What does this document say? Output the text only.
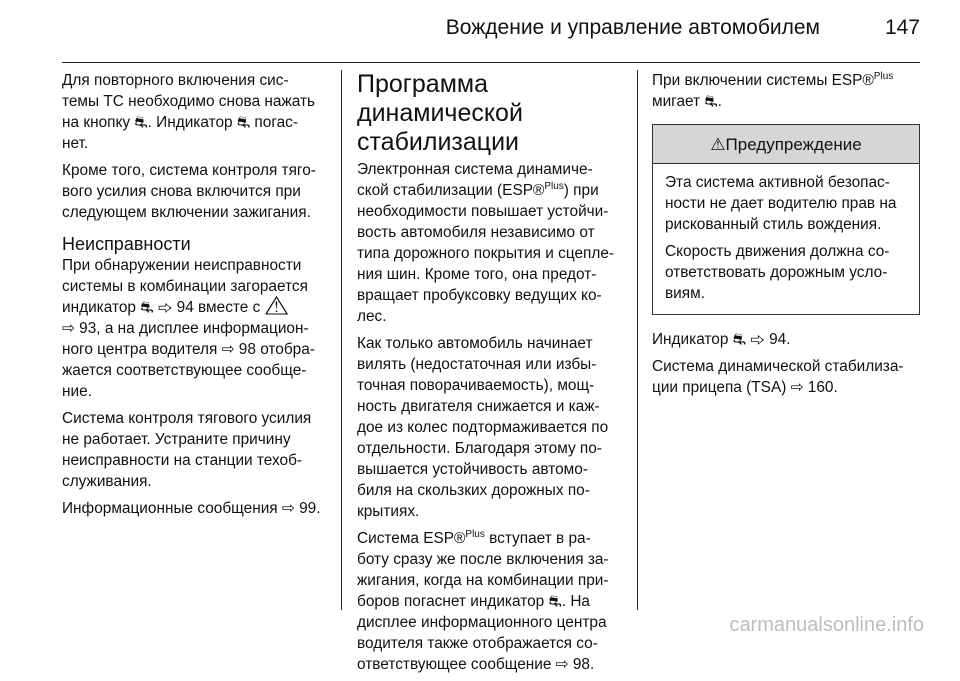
Вождение и управление автомобилем	147

Для повторного включения сис-
темы ТС необходимо снова нажать
на кнопку ⛐. Индикатор ⛐ погас-
нет.

Кроме того, система контроля тяго-
вого усилия снова включится при
следующем включении зажигания.

Неисправности

При обнаружении неисправности
системы в комбинации загорается
индикатор ⛐ ⇨ 94 вместе с ⚠
⇨ 93, а на дисплее информацион-
ного центра водителя ⇨ 98 отобра-
жается соответствующее сообще-
ние.

Система контроля тягового усилия
не работает. Устраните причину
неисправности на станции техоб-
служивания.

Информационные сообщения ⇨ 99.

Программа
динамической
стабилизации

Электронная система динамиче-
ской стабилизации (ESP®$^{Plus}$) при
необходимости повышает устойчи-
вость автомобиля независимо от
типа дорожного покрытия и сцепле-
ния шин. Кроме того, она предот-
вращает пробуксовку ведущих ко-
лес.

Как только автомобиль начинает
вилять (недостаточная или избы-
точная поворачиваемость), мощ-
ность двигателя снижается и каж-
дое из колес подтормаживается по
отдельности. Благодаря этому по-
вышается устойчивость автомо-
биля на скользких дорожных по-
крытиях.

Система ESP®$^{Plus}$ вступает в ра-
боту сразу же после включения за-
жигания, когда на комбинации при-
боров погаснет индикатор ⛐. На
дисплее информационного центра
водителя также отображается со-
ответствующее сообщение ⇨ 98.

При включении системы ESP®$^{Plus}$
мигает ⛐.

⚠Предупреждение

Эта система активной безопас-
ности не дает водителю прав на
рискованный стиль вождения.

Скорость движения должна со-
ответствовать дорожным усло-
виям.

Индикатор ⛐ ⇨ 94.

Система динамической стабилиза-
ции прицепа (TSA) ⇨ 160.

carmanualsonline.info
